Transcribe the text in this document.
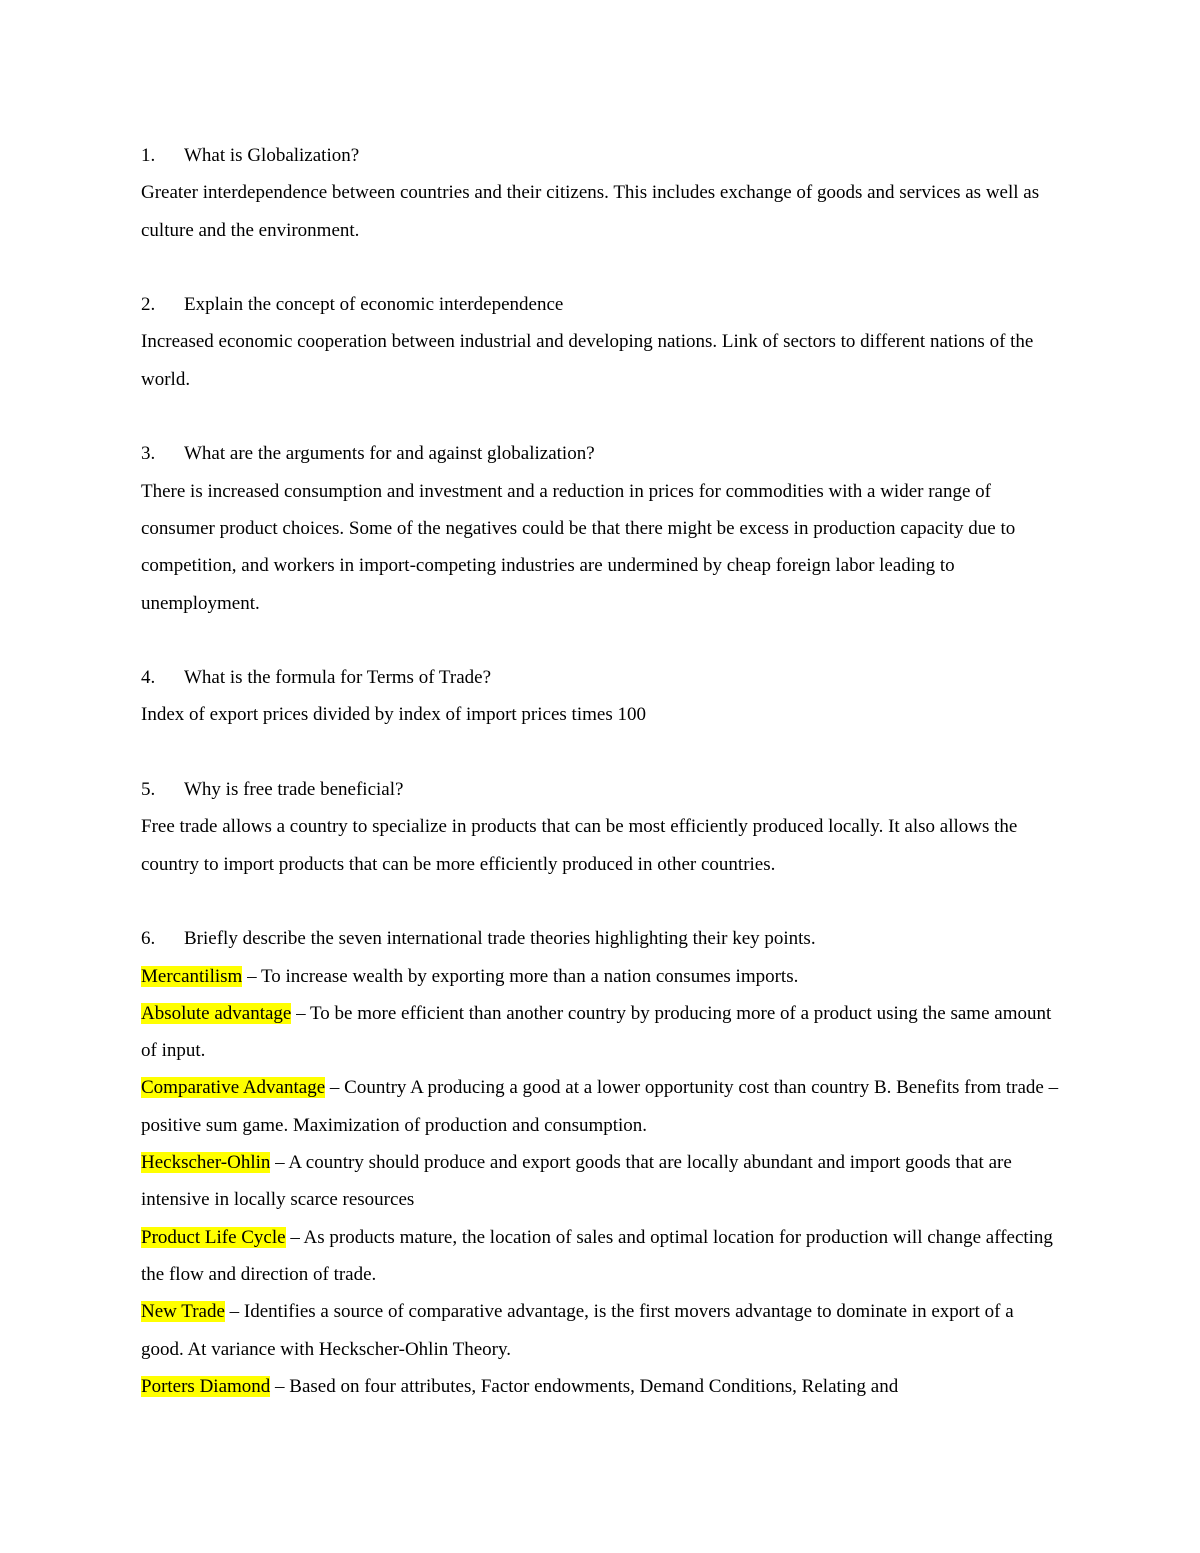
1.	What is Globalization?
Greater interdependence between countries and their citizens. This includes exchange of goods and services as well as culture and the environment.
2.	Explain the concept of economic interdependence
Increased economic cooperation between industrial and developing nations. Link of sectors to different nations of the world.
3.	What are the arguments for and against globalization?
There is increased consumption and investment and a reduction in prices for commodities with a wider range of consumer product choices. Some of the negatives could be that there might be excess in production capacity due to competition, and workers in import-competing industries are undermined by cheap foreign labor leading to unemployment.
4.	What is the formula for Terms of Trade?
Index of export prices divided by index of import prices times 100
5.	Why is free trade beneficial?
Free trade allows a country to specialize in products that can be most efficiently produced locally. It also allows the country to import products that can be more efficiently produced in other countries.
6.	Briefly describe the seven international trade theories highlighting their key points.
Mercantilism – To increase wealth by exporting more than a nation consumes imports.
Absolute advantage – To be more efficient than another country by producing more of a product using the same amount of input.
Comparative Advantage – Country A producing a good at a lower opportunity cost than country B. Benefits from trade – positive sum game. Maximization of production and consumption.
Heckscher-Ohlin – A country should produce and export goods that are locally abundant and import goods that are intensive in locally scarce resources
Product Life Cycle – As products mature, the location of sales and optimal location for production will change affecting the flow and direction of trade.
New Trade – Identifies a source of comparative advantage, is the first movers advantage to dominate in export of a good. At variance with Heckscher-Ohlin Theory.
Porters Diamond – Based on four attributes, Factor endowments, Demand Conditions, Relating and
